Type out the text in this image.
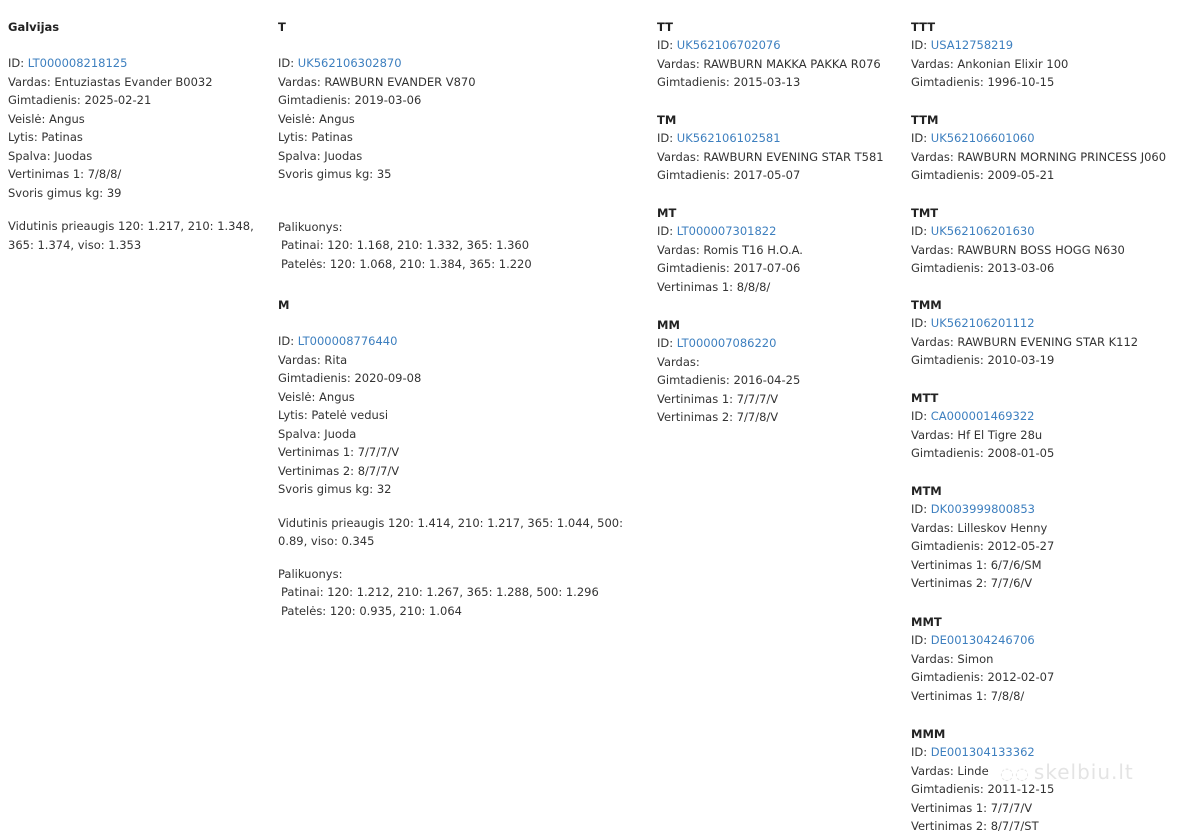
Galvijas
ID: LT000008218125
Vardas: Entuziastas Evander B0032
Gimtadienis: 2025-02-21
Veislė: Angus
Lytis: Patinas
Spalva: Juodas
Vertinimas 1: 7/8/8/
Svoris gimus kg: 39
Vidutinis prieaugis 120: 1.217, 210: 1.348, 365: 1.374, viso: 1.353
T
ID: UK562106302870
Vardas: RAWBURN EVANDER V870
Gimtadienis: 2019-03-06
Veislė: Angus
Lytis: Patinas
Spalva: Juodas
Svoris gimus kg: 35
Palikuonys:
Patinai: 120: 1.168, 210: 1.332, 365: 1.360
Patelės: 120: 1.068, 210: 1.384, 365: 1.220
M
ID: LT000008776440
Vardas: Rita
Gimtadienis: 2020-09-08
Veislė: Angus
Lytis: Patelė vedusi
Spalva: Juoda
Vertinimas 1: 7/7/7/V
Vertinimas 2: 8/7/7/V
Svoris gimus kg: 32
Vidutinis prieaugis 120: 1.414, 210: 1.217, 365: 1.044, 500: 0.89, viso: 0.345
Palikuonys:
Patinai: 120: 1.212, 210: 1.267, 365: 1.288, 500: 1.296
Patelės: 120: 0.935, 210: 1.064
TT
ID: UK562106702076
Vardas: RAWBURN MAKKA PAKKA R076
Gimtadienis: 2015-03-13
TM
ID: UK562106102581
Vardas: RAWBURN EVENING STAR T581
Gimtadienis: 2017-05-07
MT
ID: LT000007301822
Vardas: Romis T16 H.O.A.
Gimtadienis: 2017-07-06
Vertinimas 1: 8/8/8/
MM
ID: LT000007086220
Vardas:
Gimtadienis: 2016-04-25
Vertinimas 1: 7/7/7/V
Vertinimas 2: 7/7/8/V
TTT
ID: USA12758219
Vardas: Ankonian Elixir 100
Gimtadienis: 1996-10-15
TTM
ID: UK562106601060
Vardas: RAWBURN MORNING PRINCESS J060
Gimtadienis: 2009-05-21
TMT
ID: UK562106201630
Vardas: RAWBURN BOSS HOGG N630
Gimtadienis: 2013-03-06
TMM
ID: UK562106201112
Vardas: RAWBURN EVENING STAR K112
Gimtadienis: 2010-03-19
MTT
ID: CA000001469322
Vardas: Hf El Tigre 28u
Gimtadienis: 2008-01-05
MTM
ID: DK003999800853
Vardas: Lilleskov Henny
Gimtadienis: 2012-05-27
Vertinimas 1: 6/7/6/SM
Vertinimas 2: 7/7/6/V
MMT
ID: DE001304246706
Vardas: Simon
Gimtadienis: 2012-02-07
Vertinimas 1: 7/8/8/
MMM
ID: DE001304133362
Vardas: Linde
Gimtadienis: 2011-12-15
Vertinimas 1: 7/7/7/V
Vertinimas 2: 8/7/7/ST
◌◌ skelbiu.lt
